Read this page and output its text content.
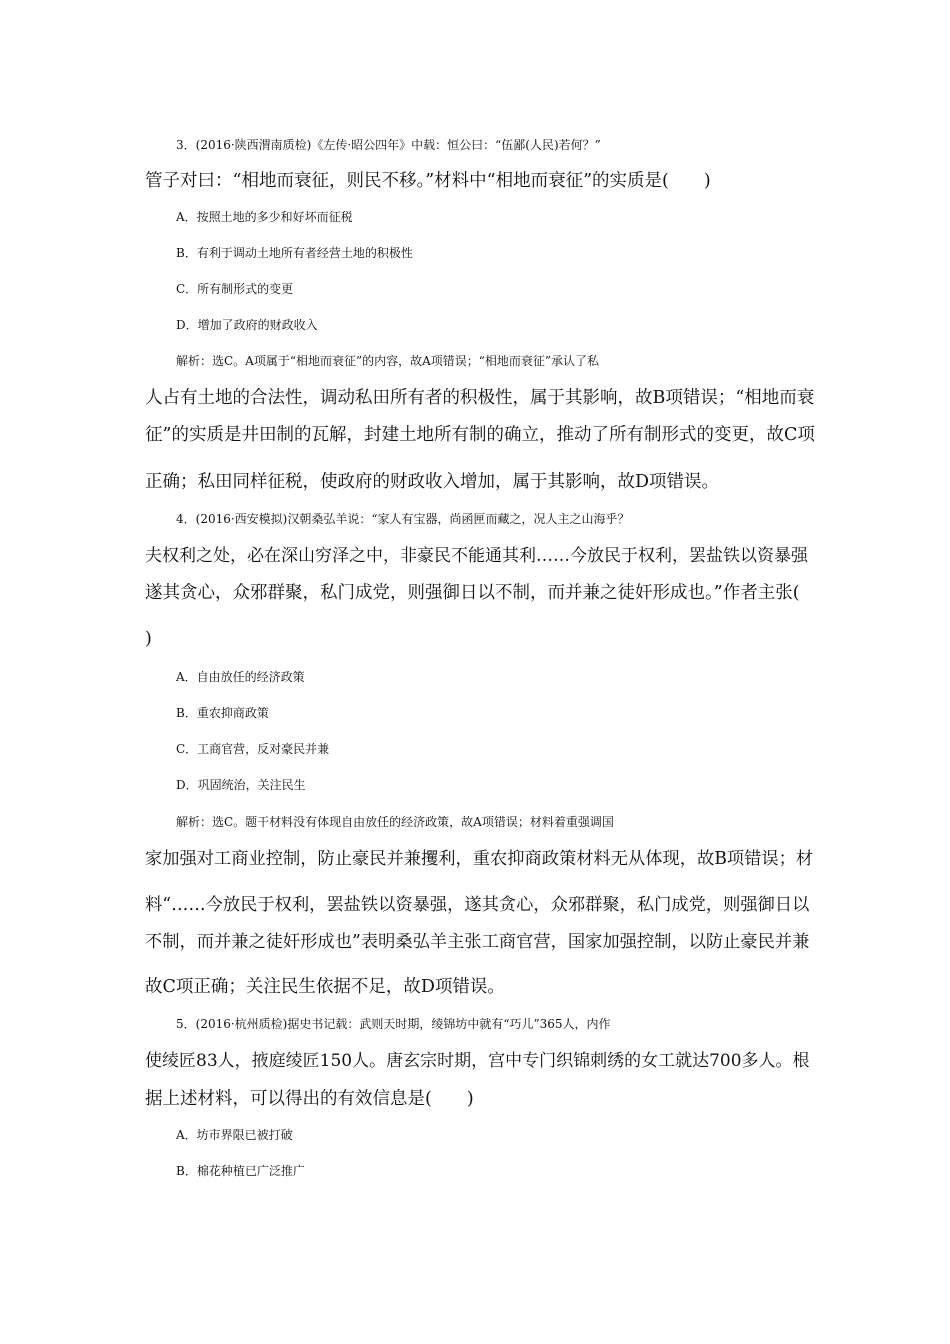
3．(2016·陕西渭南质检)《左传·昭公四年》中载：恒公曰：“伍鄙(人民)若何？”
管子对曰：“相地而衰征，则民不移。”材料中“相地而衰征”的实质是(　　)
A．按照土地的多少和好坏而征税
B．有利于调动土地所有者经营土地的积极性
C．所有制形式的变更
D．增加了政府的财政收入
解析：选C。A项属于“相地而衰征”的内容，故A项错误；“相地而衰征”承认了私
人占有土地的合法性，调动私田所有者的积极性，属于其影响，故B项错误；“相地而衰
征”的实质是井田制的瓦解，封建土地所有制的确立，推动了所有制形式的变更，故C项
正确；私田同样征税，使政府的财政收入增加，属于其影响，故D项错误。
4．(2016·西安模拟)汉朝桑弘羊说：“家人有宝器，尚函匣而藏之，况人主之山海乎？
夫权利之处，必在深山穷泽之中，非豪民不能通其利……今放民于权利，罢盐铁以资暴强
遂其贪心，众邪群聚，私门成党，则强御日以不制，而并兼之徒奸形成也。”作者主张(
)
A．自由放任的经济政策
B．重农抑商政策
C．工商官营，反对豪民并兼
D．巩固统治，关注民生
解析：选C。题干材料没有体现自由放任的经济政策，故A项错误；材料着重强调国
家加强对工商业控制，防止豪民并兼攫利，重农抑商政策材料无从体现，故B项错误；材
料“……今放民于权利，罢盐铁以资暴强，遂其贪心，众邪群聚，私门成党，则强御日以
不制，而并兼之徒奸形成也”表明桑弘羊主张工商官营，国家加强控制，以防止豪民并兼
故C项正确；关注民生依据不足，故D项错误。
5．(2016·杭州质检)据史书记载：武则天时期，绫锦坊中就有“巧儿”365人，内作
使绫匠83人，掖庭绫匠150人。唐玄宗时期，宫中专门织锦刺绣的女工就达700多人。根
据上述材料，可以得出的有效信息是(　　)
A．坊市界限已被打破
B．棉花种植已广泛推广
